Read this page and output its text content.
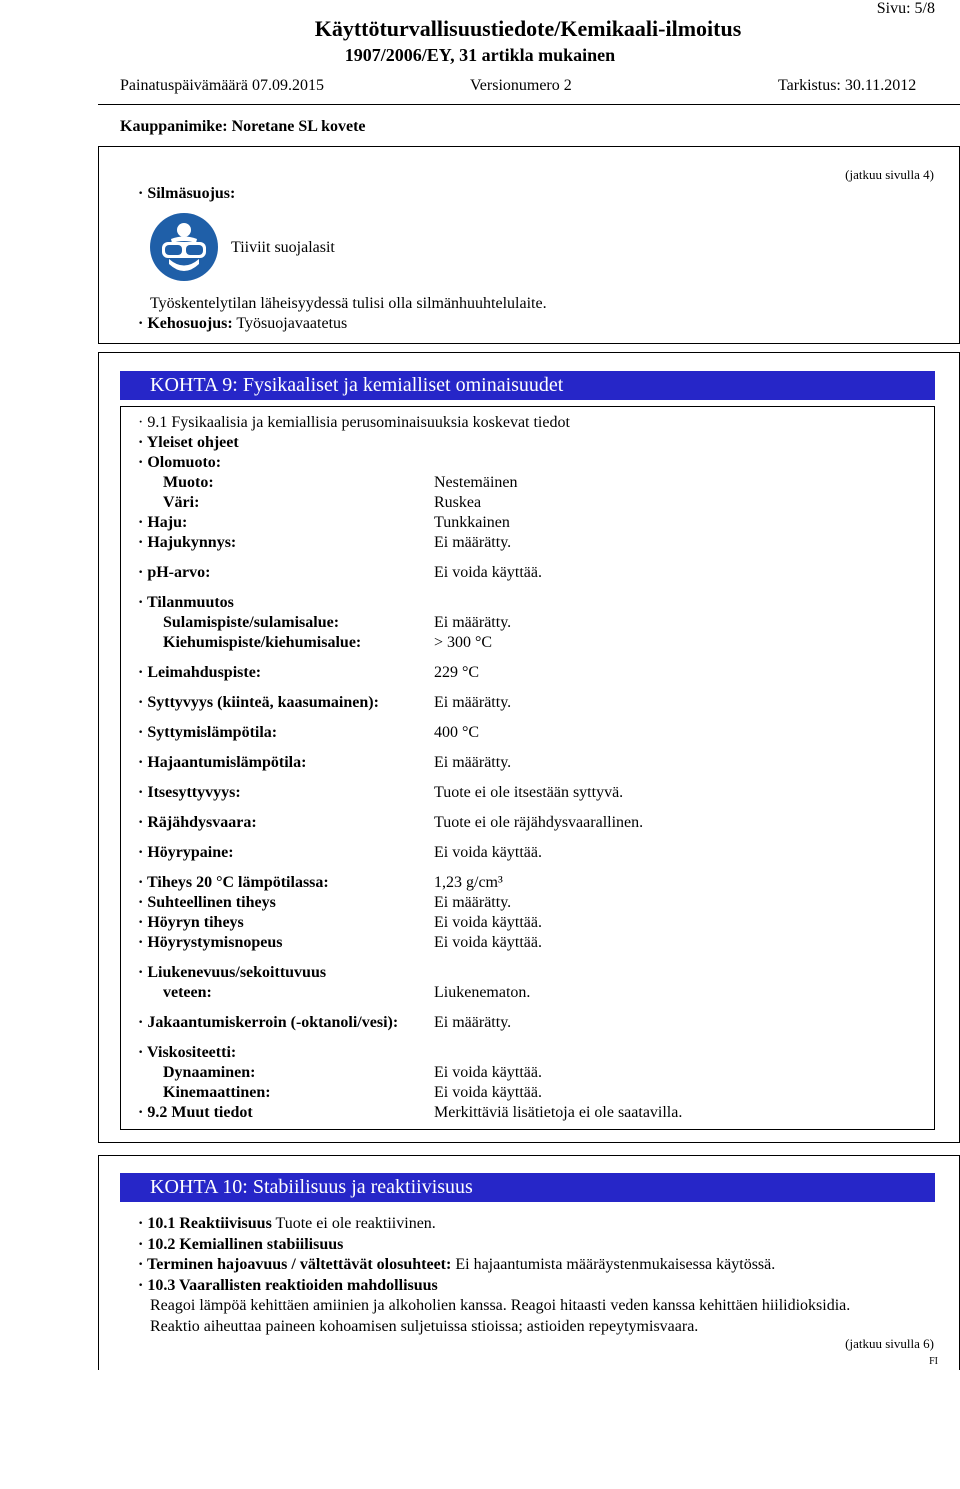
Sivu: 5/8
Käyttöturvallisuustiedote/Kemikaali-ilmoitus
1907/2006/EY, 31 artikla mukainen
Painatuspäivämäärä 07.09.2015	Versionumero 2	Tarkistus: 30.11.2012
Kauppanimike: Noretane SL kovete
(jatkuu sivulla 4)
· Silmäsuojus:
Tiiviit suojalasit
Työskentelytilan läheisyydessä tulisi olla silmänhuuhtelulaite.
· Kehosuojus: Työsuojavaatetus
KOHTA 9: Fysikaaliset ja kemialliset ominaisuudet
· 9.1 Fysikaalisia ja kemiallisia perusominaisuuksia koskevat tiedot
· Yleiset ohjeet
· Olomuoto:
Muoto:	Nestemäinen
Väri:	Ruskea
· Haju:	Tunkkainen
· Hajukynnys:	Ei määrätty.
· pH-arvo:	Ei voida käyttää.
· Tilanmuutos
Sulamispiste/sulamisalue:	Ei määrätty.
Kiehumispiste/kiehumisalue:	> 300 °C
· Leimahduspiste:	229 °C
· Syttyvyys (kiinteä, kaasumainen):	Ei määrätty.
· Syttymislämpötila:	400 °C
· Hajaantumislämpötila:	Ei määrätty.
· Itsesyttyvyys:	Tuote ei ole itsestään syttyvä.
· Räjähdysvaara:	Tuote ei ole räjähdysvaarallinen.
· Höyrypaine:	Ei voida käyttää.
· Tiheys 20 °C lämpötilassa:	1,23 g/cm³
· Suhteellinen tiheys	Ei määrätty.
· Höyryn tiheys	Ei voida käyttää.
· Höyrystymisnopeus	Ei voida käyttää.
· Liukenevuus/sekoittuvuus
veteen:	Liukenematon.
· Jakaantumiskerroin (-oktanoli/vesi): Ei määrätty.
· Viskositeetti:
Dynaaminen:	Ei voida käyttää.
Kinemaattinen:	Ei voida käyttää.
· 9.2 Muut tiedot	Merkittäviä lisätietoja ei ole saatavilla.
KOHTA 10: Stabiilisuus ja reaktiivisuus
· 10.1 Reaktiivisuus Tuote ei ole reaktiivinen.
· 10.2 Kemiallinen stabiilisuus
· Terminen hajoavuus / vältettävät olosuhteet: Ei hajaantumista määräystenmukaisessa käytössä.
· 10.3 Vaarallisten reaktioiden mahdollisuus
Reagoi lämpöä kehittäen amiinien ja alkoholien kanssa. Reagoi hitaasti veden kanssa kehittäen hiilidioksidia.
Reaktio aiheuttaa paineen kohoamisen suljetuissa stioissa; astioiden repeytymisvaara.
(jatkuu sivulla 6)
FI
